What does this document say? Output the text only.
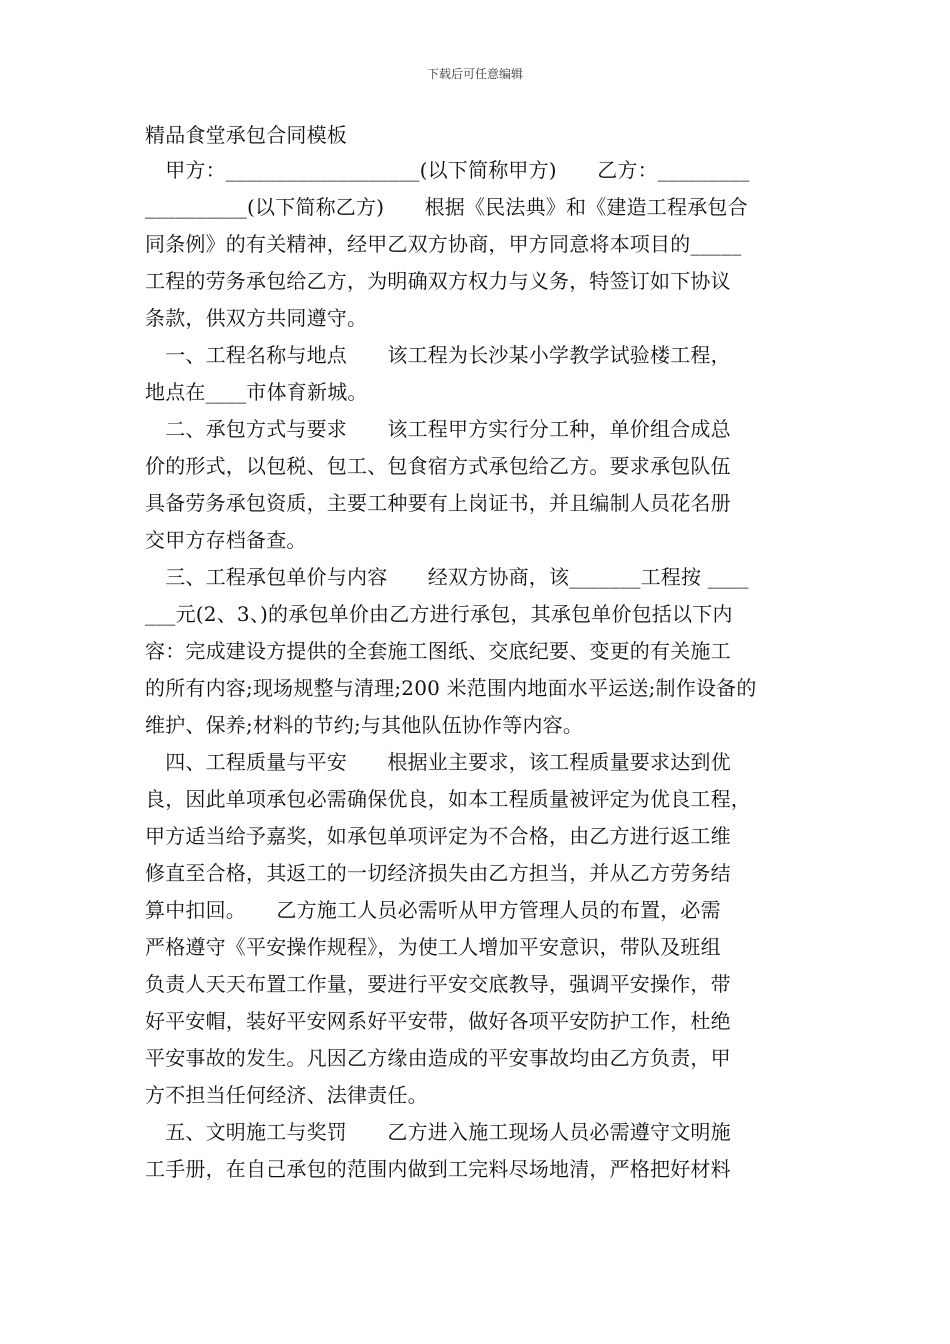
下载后可任意编辑
精品食堂承包合同模板
　甲方：___________________(以下简称甲方)　　乙方：_________
__________(以下简称乙方)　　根据《民法典》和《建造工程承包合
同条例》的有关精神，经甲乙双方协商，甲方同意将本项目的_____
工程的劳务承包给乙方，为明确双方权力与义务，特签订如下协议
条款，供双方共同遵守。
　一、工程名称与地点　　该工程为长沙某小学教学试验楼工程，
地点在____市体育新城。
　二、承包方式与要求　　该工程甲方实行分工种，单价组合成总
价的形式，以包税、包工、包食宿方式承包给乙方。要求承包队伍
具备劳务承包资质，主要工种要有上岗证书，并且编制人员花名册
交甲方存档备查。
　三、工程承包单价与内容　　经双方协商，该_______工程按 ____
___元(2、3、)的承包单价由乙方进行承包，其承包单价包括以下内
容：完成建设方提供的全套施工图纸、交底纪要、变更的有关施工
的所有内容;现场规整与清理;200 米范围内地面水平运送;制作设备的
维护、保养;材料的节约;与其他队伍协作等内容。
　四、工程质量与平安　　根据业主要求，该工程质量要求达到优
良，因此单项承包必需确保优良，如本工程质量被评定为优良工程，
甲方适当给予嘉奖，如承包单项评定为不合格，由乙方进行返工维
修直至合格，其返工的一切经济损失由乙方担当，并从乙方劳务结
算中扣回。　　乙方施工人员必需听从甲方管理人员的布置，必需
严格遵守《平安操作规程》，为使工人增加平安意识，带队及班组
负责人天天布置工作量，要进行平安交底教导，强调平安操作，带
好平安帽，装好平安网系好平安带，做好各项平安防护工作，杜绝
平安事故的发生。凡因乙方缘由造成的平安事故均由乙方负责，甲
方不担当任何经济、法律责任。
　五、文明施工与奖罚　　乙方进入施工现场人员必需遵守文明施
工手册，在自己承包的范围内做到工完料尽场地清，严格把好材料
